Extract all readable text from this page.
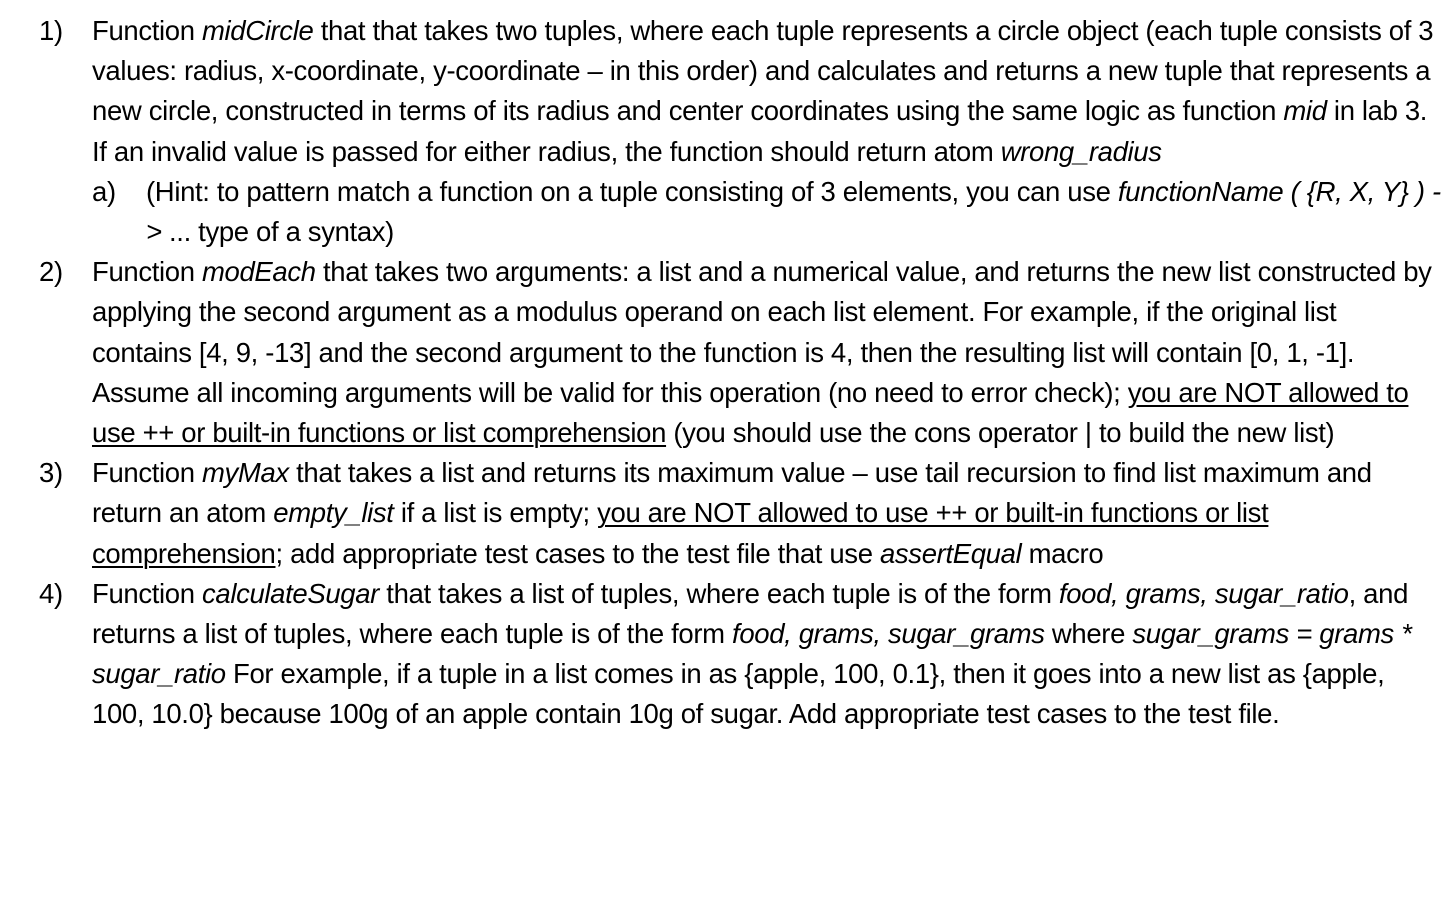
1) Function midCircle that that takes two tuples, where each tuple represents a circle object (each tuple consists of 3 values: radius, x-coordinate, y-coordinate – in this order) and calculates and returns a new tuple that represents a new circle, constructed in terms of its radius and center coordinates using the same logic as function mid in lab 3. If an invalid value is passed for either radius, the function should return atom wrong_radius
a) (Hint: to pattern match a function on a tuple consisting of 3 elements, you can use functionName ( {R, X, Y} ) -> ... type of a syntax)
2) Function modEach that takes two arguments: a list and a numerical value, and returns the new list constructed by applying the second argument as a modulus operand on each list element. For example, if the original list contains [4, 9, -13] and the second argument to the function is 4, then the resulting list will contain [0, 1, -1]. Assume all incoming arguments will be valid for this operation (no need to error check); you are NOT allowed to use ++ or built-in functions or list comprehension (you should use the cons operator | to build the new list)
3) Function myMax that takes a list and returns its maximum value – use tail recursion to find list maximum and return an atom empty_list if a list is empty; you are NOT allowed to use ++ or built-in functions or list comprehension; add appropriate test cases to the test file that use assertEqual macro
4) Function calculateSugar that takes a list of tuples, where each tuple is of the form food, grams, sugar_ratio, and returns a list of tuples, where each tuple is of the form food, grams, sugar_grams where sugar_grams = grams * sugar_ratio For example, if a tuple in a list comes in as {apple, 100, 0.1}, then it goes into a new list as {apple, 100, 10.0} because 100g of an apple contain 10g of sugar. Add appropriate test cases to the test file.
